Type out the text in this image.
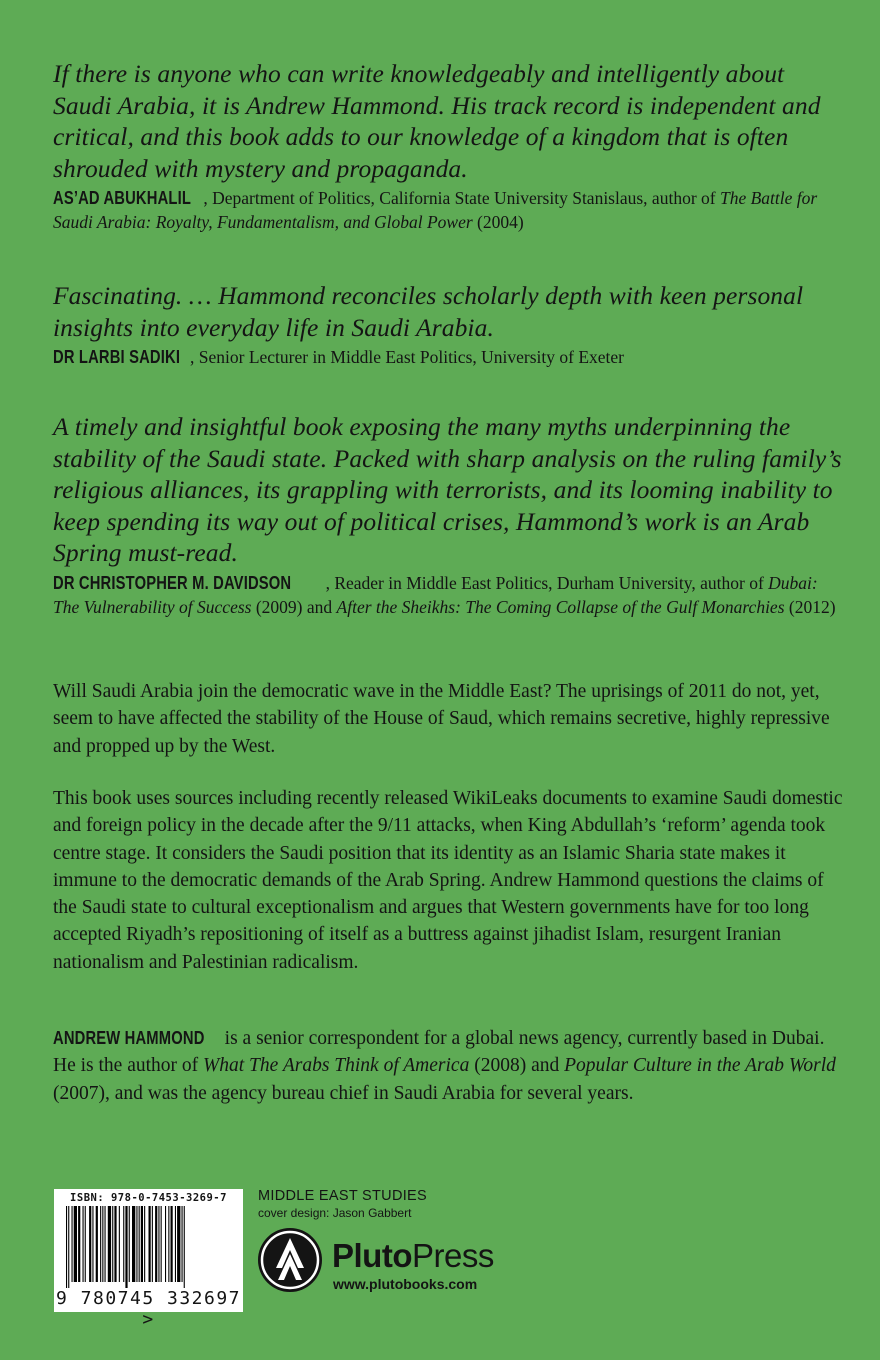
If there is anyone who can write knowledgeably and intelligently about Saudi Arabia, it is Andrew Hammond. His track record is independent and critical, and this book adds to our knowledge of a kingdom that is often shrouded with mystery and propaganda.

AS’AD ABUKHALIL , Department of Politics, California State University Stanislaus, author of The Battle for Saudi Arabia: Royalty, Fundamentalism, and Global Power (2004)

Fascinating. … Hammond reconciles scholarly depth with keen personal insights into everyday life in Saudi Arabia.

DR LARBI SADIKI , Senior Lecturer in Middle East Politics, University of Exeter

A timely and insightful book exposing the many myths underpinning the stability of the Saudi state. Packed with sharp analysis on the ruling family’s religious alliances, its grappling with terrorists, and its looming inability to keep spending its way out of political crises, Hammond’s work is an Arab Spring must-read.

DR CHRISTOPHER M. DAVIDSON , Reader in Middle East Politics, Durham University, author of Dubai: The Vulnerability of Success (2009) and After the Sheikhs: The Coming Collapse of the Gulf Monarchies (2012)

Will Saudi Arabia join the democratic wave in the Middle East? The uprisings of 2011 do not, yet, seem to have affected the stability of the House of Saud, which remains secretive, highly repressive and propped up by the West.

This book uses sources including recently released WikiLeaks documents to examine Saudi domestic and foreign policy in the decade after the 9/11 attacks, when King Abdullah’s ‘reform’ agenda took centre stage. It considers the Saudi position that its identity as an Islamic Sharia state makes it immune to the democratic demands of the Arab Spring. Andrew Hammond questions the claims of the Saudi state to cultural exceptionalism and argues that Western governments have for too long accepted Riyadh’s repositioning of itself as a buttress against jihadist Islam, resurgent Iranian nationalism and Palestinian radicalism.

ANDREW HAMMOND is a senior correspondent for a global news agency, currently based in Dubai. He is the author of What The Arabs Think of America (2008) and Popular Culture in the Arab World (2007), and was the agency bureau chief in Saudi Arabia for several years.

ISBN: 978-0-7453-3269-7
9 780745 332697 >
MIDDLE EAST STUDIES
cover design: Jason Gabbert
PlutoPress
www.plutobooks.com
